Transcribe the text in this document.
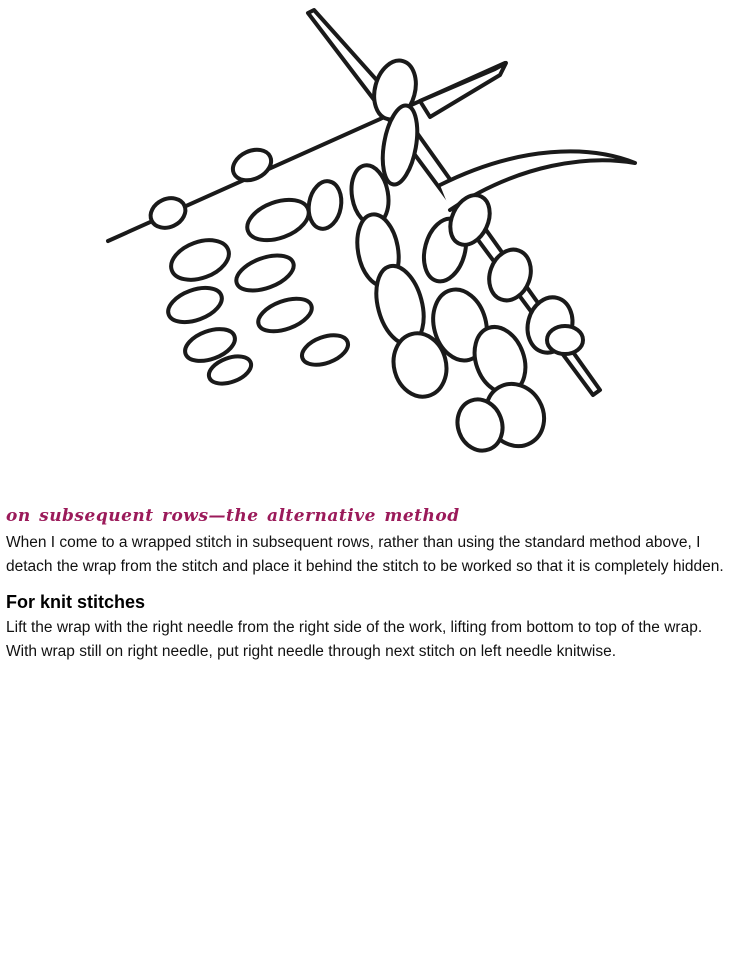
on subsequent rows—the alternative method

When I come to a wrapped stitch in subsequent rows, rather than using the standard method above, I detach the wrap from the stitch and place it behind the stitch to be worked so that it is completely hidden.

For knit stitches

Lift the wrap with the right needle from the right side of the work, lifting from bottom to top of the wrap. With wrap still on right needle, put right needle through next stitch on left needle knitwise.
